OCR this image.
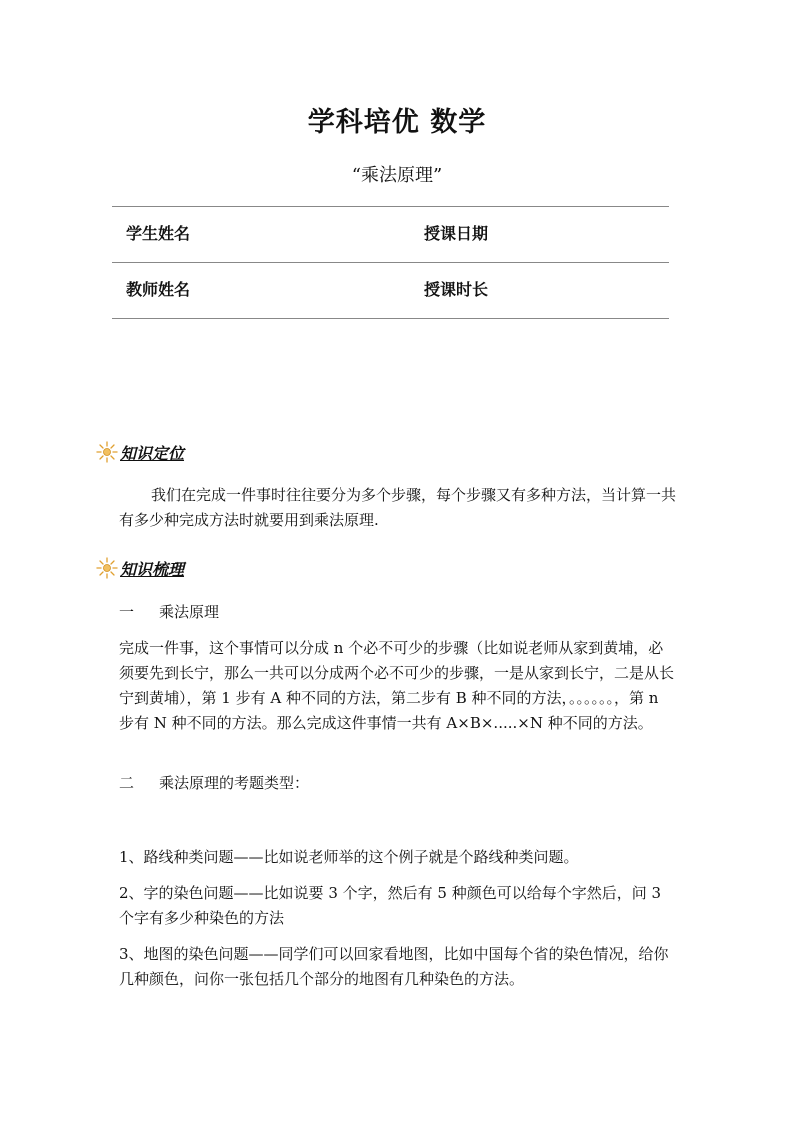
学科培优 数学
“乘法原理”
学生姓名	授课日期
教师姓名	授课时长
知识定位

我们在完成一件事时往往要分为多个步骤，每个步骤又有多种方法，当计算一共有多少种完成方法时就要用到乘法原理.

知识梳理
一 乘法原理

完成一件事，这个事情可以分成 n 个必不可少的步骤（比如说老师从家到黄埔，必须要先到长宁，那么一共可以分成两个必不可少的步骤，一是从家到长宁，二是从长宁到黄埔），第 1 步有 A 种不同的方法，第二步有 B 种不同的方法，。。。。。。，第 n 步有 N 种不同的方法。那么完成这件事情一共有 A×B×.....×N 种不同的方法。

二 乘法原理的考题类型：

1、路线种类问题——比如说老师举的这个例子就是个路线种类问题。

2、字的染色问题——比如说要 3 个字，然后有 5 种颜色可以给每个字然后，问 3 个字有多少种染色的方法

3、地图的染色问题——同学们可以回家看地图，比如中国每个省的染色情况，给你几种颜色，问你一张包括几个部分的地图有几种染色的方法。
